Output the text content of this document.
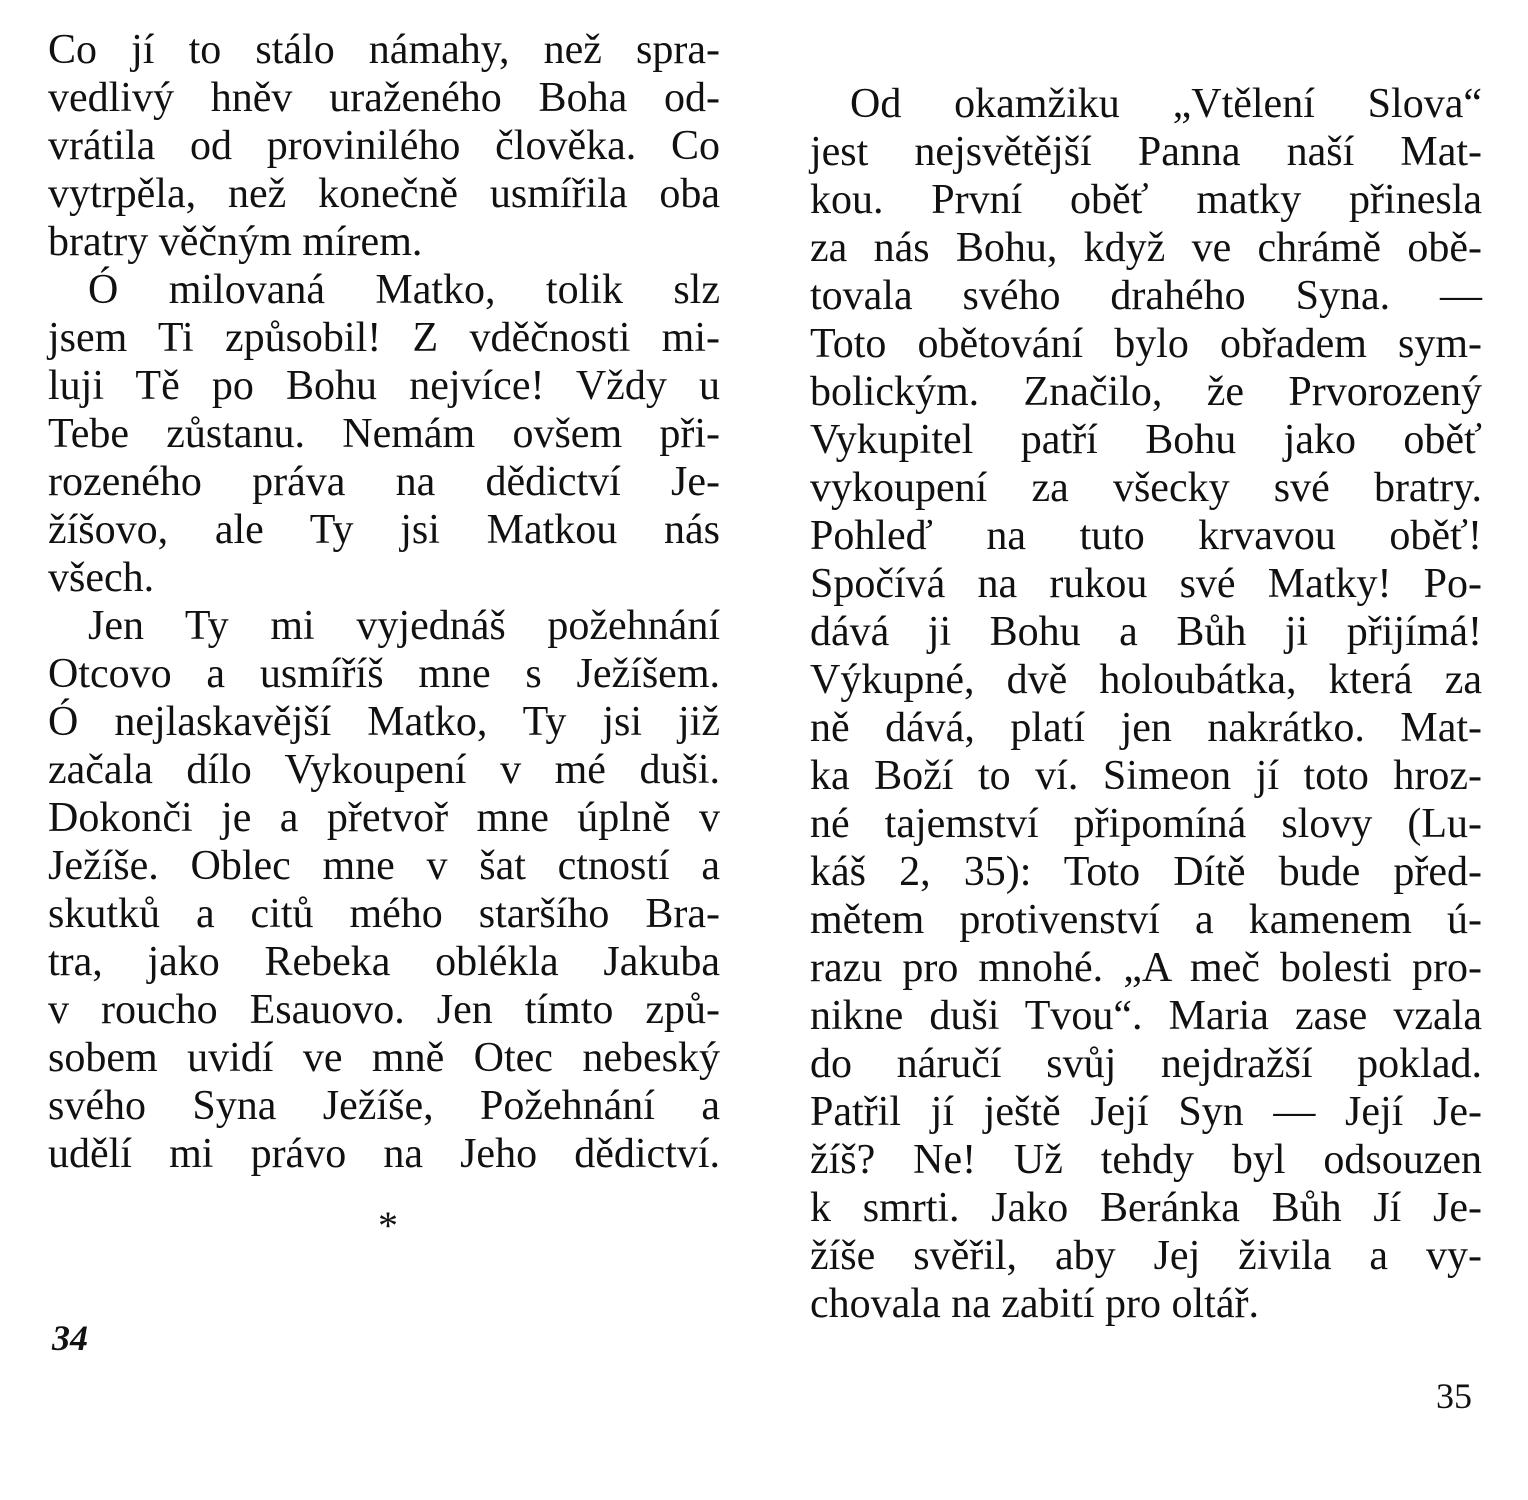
Co jí to stálo námahy, než spra-
vedlivý hněv uraženého Boha od-
vrátila od provinilého člověka. Co
vytrpěla, než konečně usmířila oba
bratry věčným mírem.
Ó milovaná Matko, tolik slz
jsem Ti způsobil! Z vděčnosti mi-
luji Tě po Bohu nejvíce! Vždy u
Tebe zůstanu. Nemám ovšem při-
rozeného práva na dědictví Je-
žíšovo, ale Ty jsi Matkou nás
všech.
Jen Ty mi vyjednáš požehnání
Otcovo a usmíříš mne s Ježíšem.
Ó nejlaskavější Matko, Ty jsi již
začala dílo Vykoupení v mé duši.
Dokonči je a přetvoř mne úplně v
Ježíše. Oblec mne v šat ctností a
skutků a citů mého staršího Bra-
tra, jako Rebeka oblékla Jakuba
v roucho Esauovo. Jen tímto způ-
sobem uvidí ve mně Otec nebeský
svého Syna Ježíše, Požehnání a
udělí mi právo na Jeho dědictví.
*
34
Od okamžiku „Vtělení Slova“
jest nejsvětější Panna naší Mat-
kou. První oběť matky přinesla
za nás Bohu, když ve chrámě obě-
tovala svého drahého Syna. —
Toto obětování bylo obřadem sym-
bolickým. Značilo, že Prvorozený
Vykupitel patří Bohu jako oběť
vykoupení za všecky své bratry.
Pohleď na tuto krvavou oběť!
Spočívá na rukou své Matky! Po-
dává ji Bohu a Bůh ji přijímá!
Výkupné, dvě holoubátka, která za
ně dává, platí jen nakrátko. Mat-
ka Boží to ví. Simeon jí toto hroz-
né tajemství připomíná slovy (Lu-
káš 2, 35): Toto Dítě bude před-
mětem protivenství a kamenem ú-
razu pro mnohé. „A meč bolesti pro-
nikne duši Tvou“. Maria zase vzala
do náručí svůj nejdražší poklad.
Patřil jí ještě Její Syn — Její Je-
žíš? Ne! Už tehdy byl odsouzen
k smrti. Jako Beránka Bůh Jí Je-
žíše svěřil, aby Jej živila a vy-
chovala na zabití pro oltář.
35
